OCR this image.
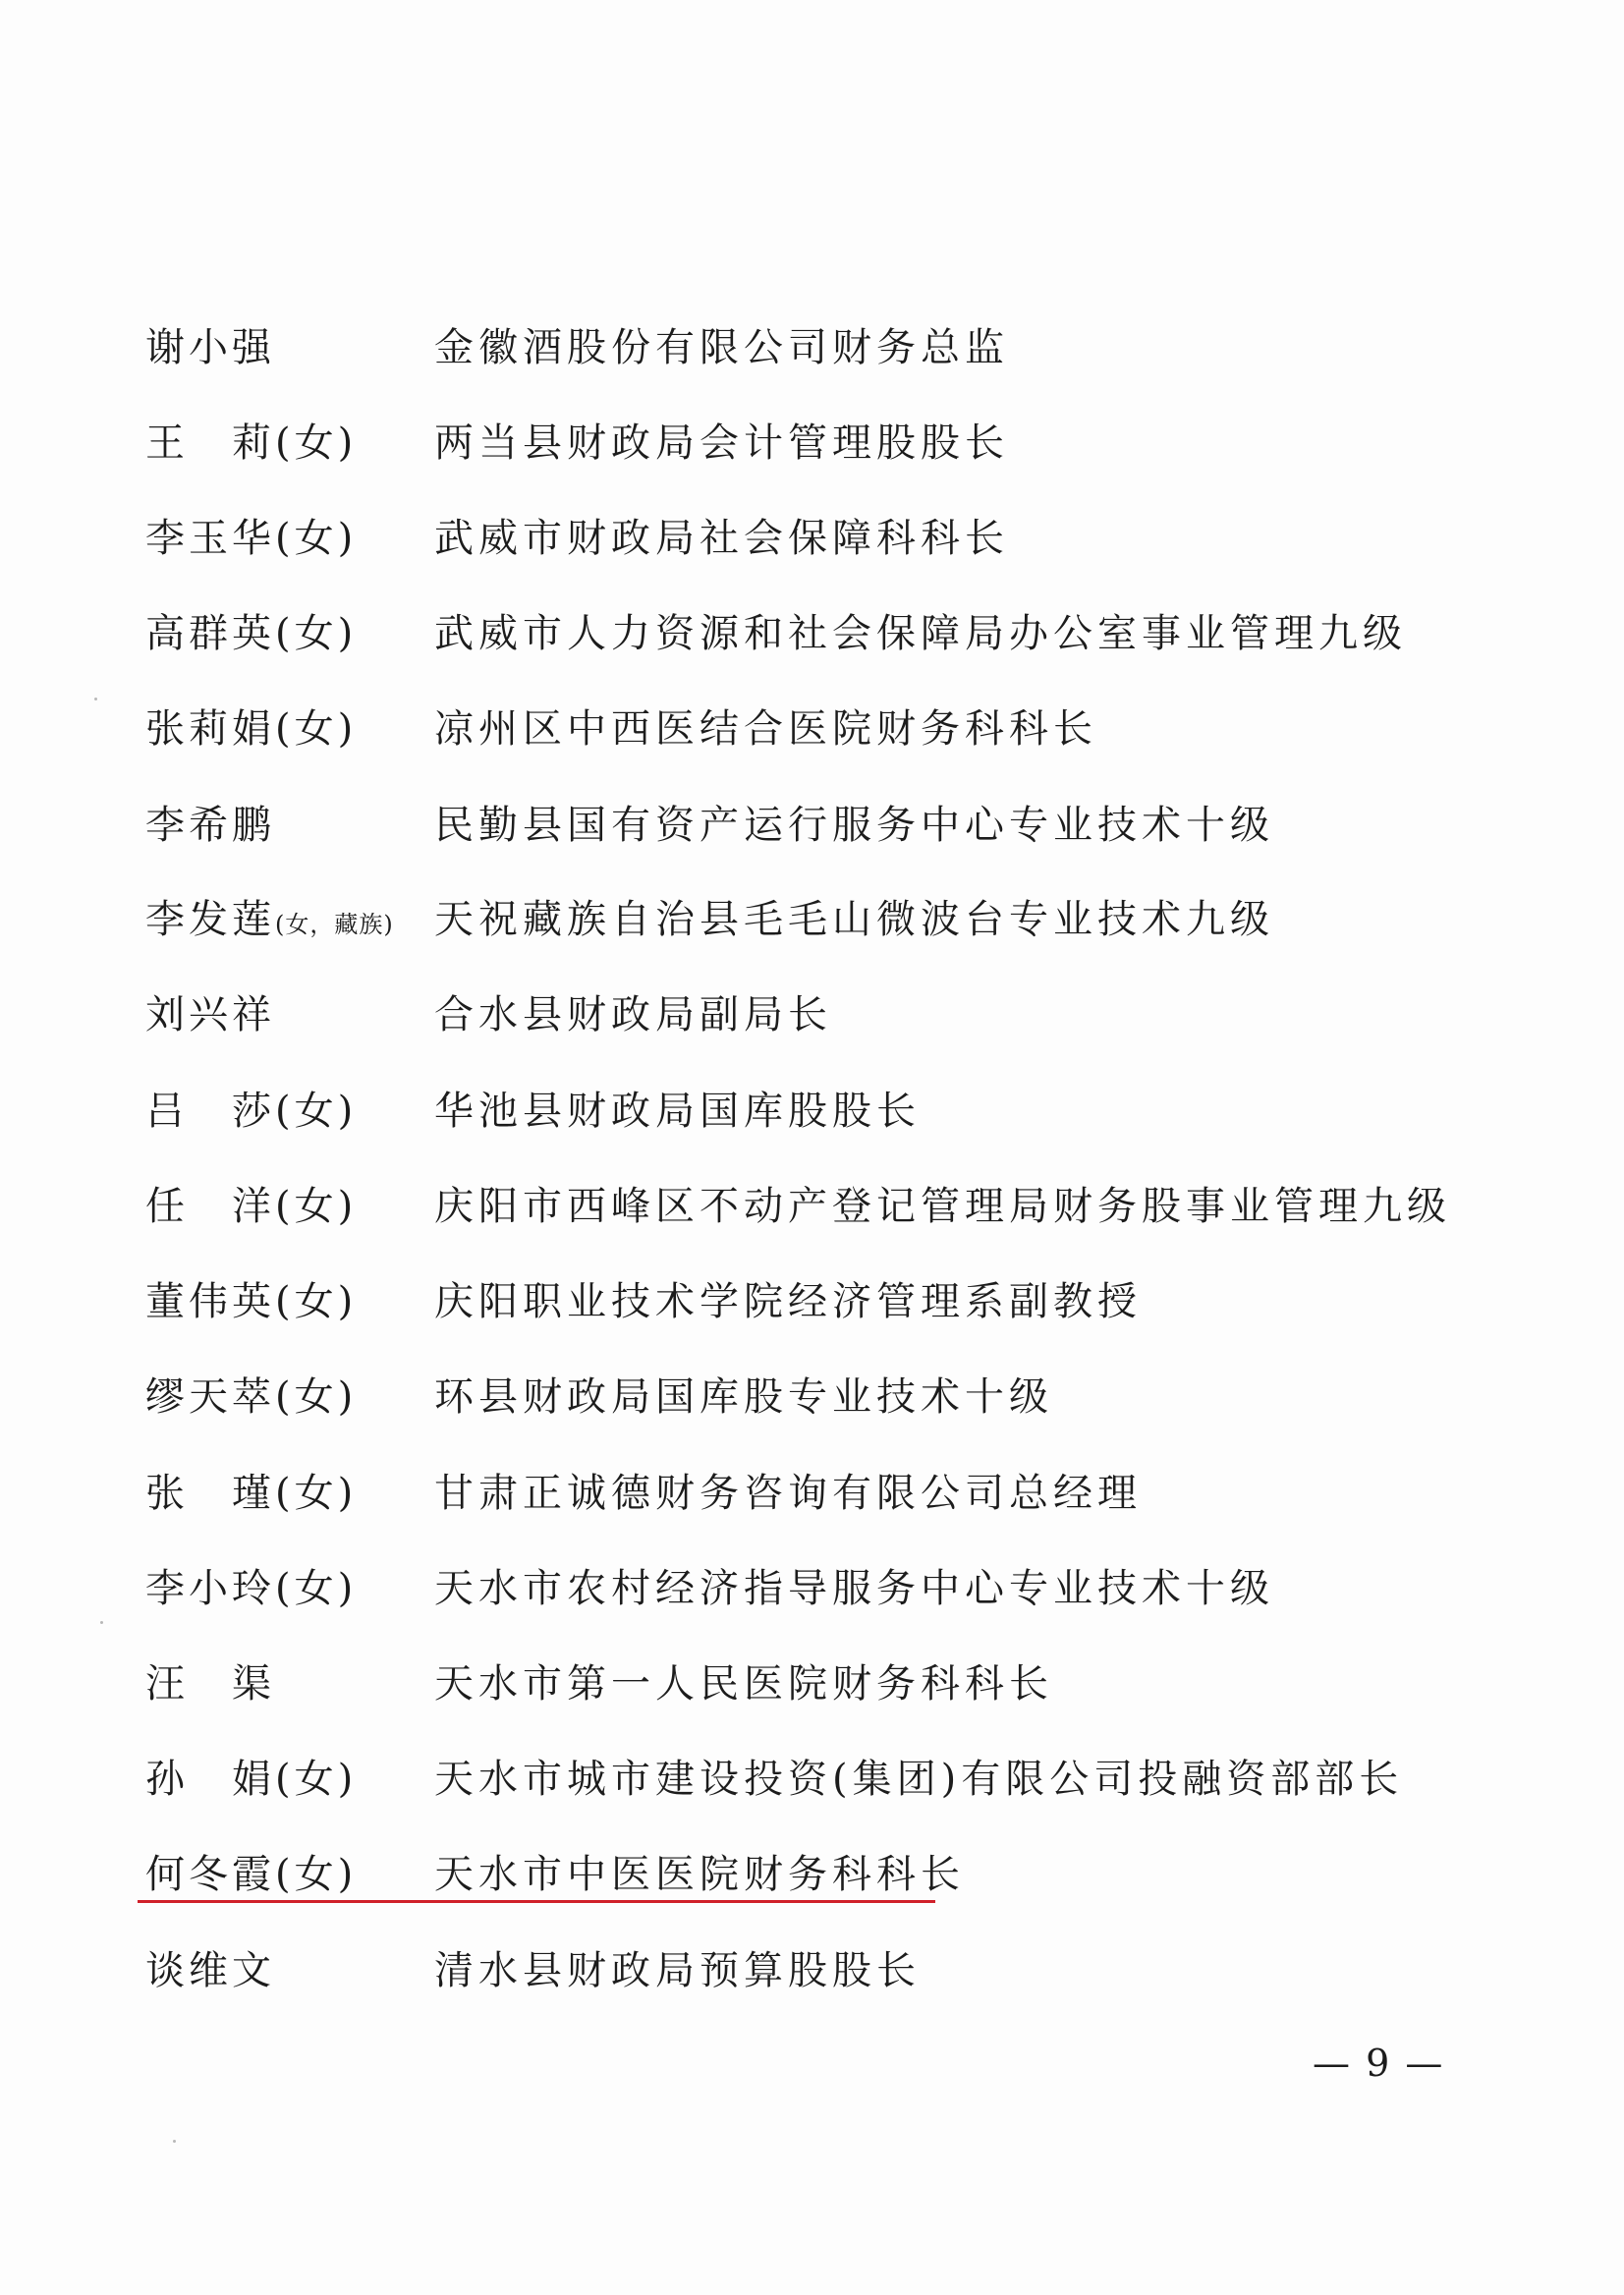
谢小强	金徽酒股份有限公司财务总监
王　莉(女)	两当县财政局会计管理股股长
李玉华(女)	武威市财政局社会保障科科长
高群英(女)	武威市人力资源和社会保障局办公室事业管理九级
张莉娟(女)	凉州区中西医结合医院财务科科长
李希鹏	民勤县国有资产运行服务中心专业技术十级
李发莲(女，藏族)	天祝藏族自治县毛毛山微波台专业技术九级
刘兴祥	合水县财政局副局长
吕　莎(女)	华池县财政局国库股股长
任　洋(女)	庆阳市西峰区不动产登记管理局财务股事业管理九级
董伟英(女)	庆阳职业技术学院经济管理系副教授
缪天萃(女)	环县财政局国库股专业技术十级
张　瑾(女)	甘肃正诚德财务咨询有限公司总经理
李小玲(女)	天水市农村经济指导服务中心专业技术十级
汪　渠	天水市第一人民医院财务科科长
孙　娟(女)	天水市城市建设投资(集团)有限公司投融资部部长
何冬霞(女)	天水市中医医院财务科科长
谈维文	清水县财政局预算股股长
— 9 —
